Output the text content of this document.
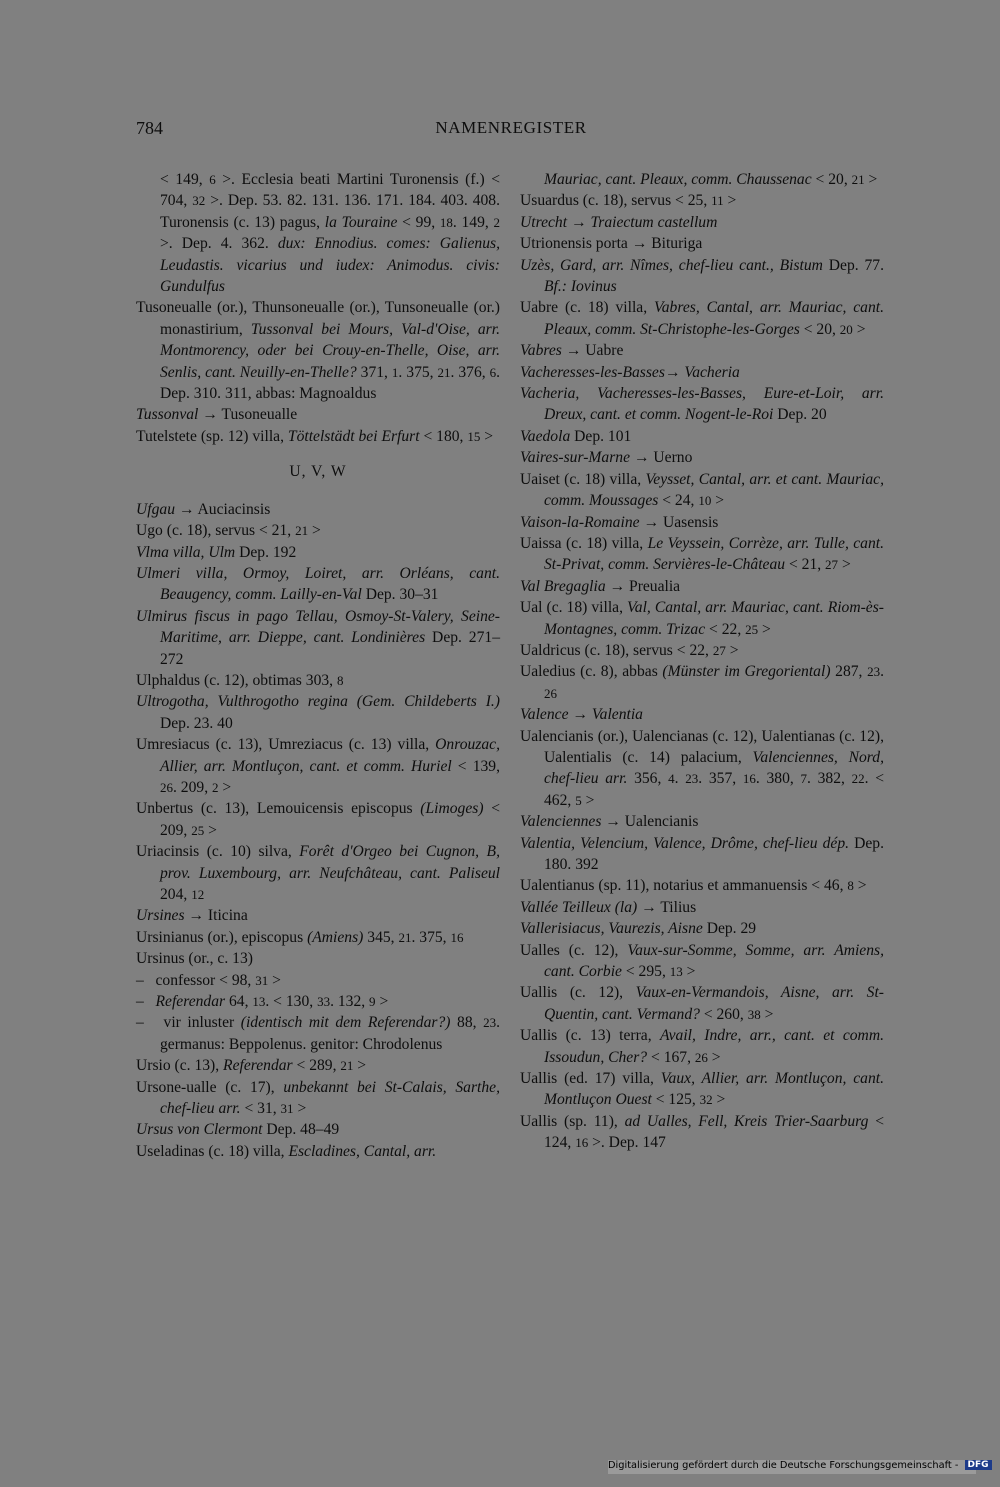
784	NAMENREGISTER
< 149, 6 >. Ecclesia beati Martini Turonensis (f.) < 704, 32 >. Dep. 53. 82. 131. 136. 171. 184. 403. 408. Turonensis (c. 13) pagus, la Touraine < 99, 18. 149, 2 >. Dep. 4. 362. dux: Ennodius. comes: Galienus, Leudastis. vicarius und iudex: Animodus. civis: Gundulfus
Tusoneualle (or.), Thunsoneualle (or.), Tunsoneualle (or.) monastirium, Tussonval bei Mours, Val-d'Oise, arr. Montmorency, oder bei Crouy-en-Thelle, Oise, arr. Senlis, cant. Neuilly-en-Thelle? 371, 1. 375, 21. 376, 6. Dep. 310. 311, abbas: Magnoaldus
Tussonval → Tusoneualle
Tutelstete (sp. 12) villa, Töttelstädt bei Erfurt < 180, 15 >
U, V, W
Ufgau → Auciacinsis
Ugo (c. 18), servus < 21, 21 >
Vlma villa, Ulm Dep. 192
Ulmeri villa, Ormoy, Loiret, arr. Orléans, cant. Beaugency, comm. Lailly-en-Val Dep. 30–31
Ulmirus fiscus in pago Tellau, Osmoy-St-Valery, Seine-Maritime, arr. Dieppe, cant. Londinières Dep. 271–272
Ulphaldus (c. 12), obtimas 303, 8
Ultrogotha, Vulthrogotho regina (Gem. Childeberts I.) Dep. 23. 40
Umresiacus (c. 13), Umreziacus (c. 13) villa, Onrouzac, Allier, arr. Montluçon, cant. et comm. Huriel < 139, 26. 209, 2 >
Unbertus (c. 13), Lemouicensis episcopus (Limoges) < 209, 25 >
Uriacinsis (c. 10) silva, Forêt d'Orgeo bei Cugnon, B, prov. Luxembourg, arr. Neufchâteau, cant. Paliseul 204, 12
Ursines → Iticina
Ursinianus (or.), episcopus (Amiens) 345, 21. 375, 16
Ursinus (or., c. 13)
–   confessor < 98, 31 >
–   Referendar 64, 13. < 130, 33. 132, 9 >
–   vir inluster (identisch mit dem Referendar?) 88, 23. germanus: Beppolenus. genitor: Chrodolenus
Ursio (c. 13), Referendar < 289, 21 >
Ursone-ualle (c. 17), unbekannt bei St-Calais, Sarthe, chef-lieu arr. < 31, 31 >
Ursus von Clermont Dep. 48–49
Useladinas (c. 18) villa, Escladines, Cantal, arr.
Mauriac, cant. Pleaux, comm. Chaussenac < 20, 21 >
Usuardus (c. 18), servus < 25, 11 >
Utrecht → Traiectum castellum
Utrionensis porta → Bituriga
Uzès, Gard, arr. Nîmes, chef-lieu cant., Bistum Dep. 77. Bf.: Iovinus
Uabre (c. 18) villa, Vabres, Cantal, arr. Mauriac, cant. Pleaux, comm. St-Christophe-les-Gorges < 20, 20 >
Vabres → Uabre
Vacheresses-les-Basses→ Vacheria
Vacheria, Vacheresses-les-Basses, Eure-et-Loir, arr. Dreux, cant. et comm. Nogent-le-Roi Dep. 20
Vaedola Dep. 101
Vaires-sur-Marne → Uerno
Uaiset (c. 18) villa, Veysset, Cantal, arr. et cant. Mauriac, comm. Moussages < 24, 10 >
Vaison-la-Romaine → Uasensis
Uaissa (c. 18) villa, Le Veyssein, Corrèze, arr. Tulle, cant. St-Privat, comm. Servières-le-Château < 21, 27 >
Val Bregaglia → Preualia
Ual (c. 18) villa, Val, Cantal, arr. Mauriac, cant. Riom-ès-Montagnes, comm. Trizac < 22, 25 >
Ualdricus (c. 18), servus < 22, 27 >
Ualedius (c. 8), abbas (Münster im Gregoriental) 287, 23. 26
Valence → Valentia
Ualencianis (or.), Ualencianas (c. 12), Ualentianas (c. 12), Ualentialis (c. 14) palacium, Valenciennes, Nord, chef-lieu arr. 356, 4. 23. 357, 16. 380, 7. 382, 22. < 462, 5 >
Valenciennes → Ualencianis
Valentia, Velencium, Valence, Drôme, chef-lieu dép. Dep. 180. 392
Ualentianus (sp. 11), notarius et ammanuensis < 46, 8 >
Vallée Teilleux (la) → Tilius
Vallerisiacus, Vaurezis, Aisne Dep. 29
Ualles (c. 12), Vaux-sur-Somme, Somme, arr. Amiens, cant. Corbie < 295, 13 >
Uallis (c. 12), Vaux-en-Vermandois, Aisne, arr. St-Quentin, cant. Vermand? < 260, 38 >
Uallis (c. 13) terra, Avail, Indre, arr., cant. et comm. Issoudun, Cher? < 167, 26 >
Uallis (ed. 17) villa, Vaux, Allier, arr. Montluçon, cant. Montluçon Ouest < 125, 32 >
Uallis (sp. 11), ad Ualles, Fell, Kreis Trier-Saarburg < 124, 16 >. Dep. 147
Digitalisierung gefördert durch die Deutsche Forschungsgemeinschaft - DFG
